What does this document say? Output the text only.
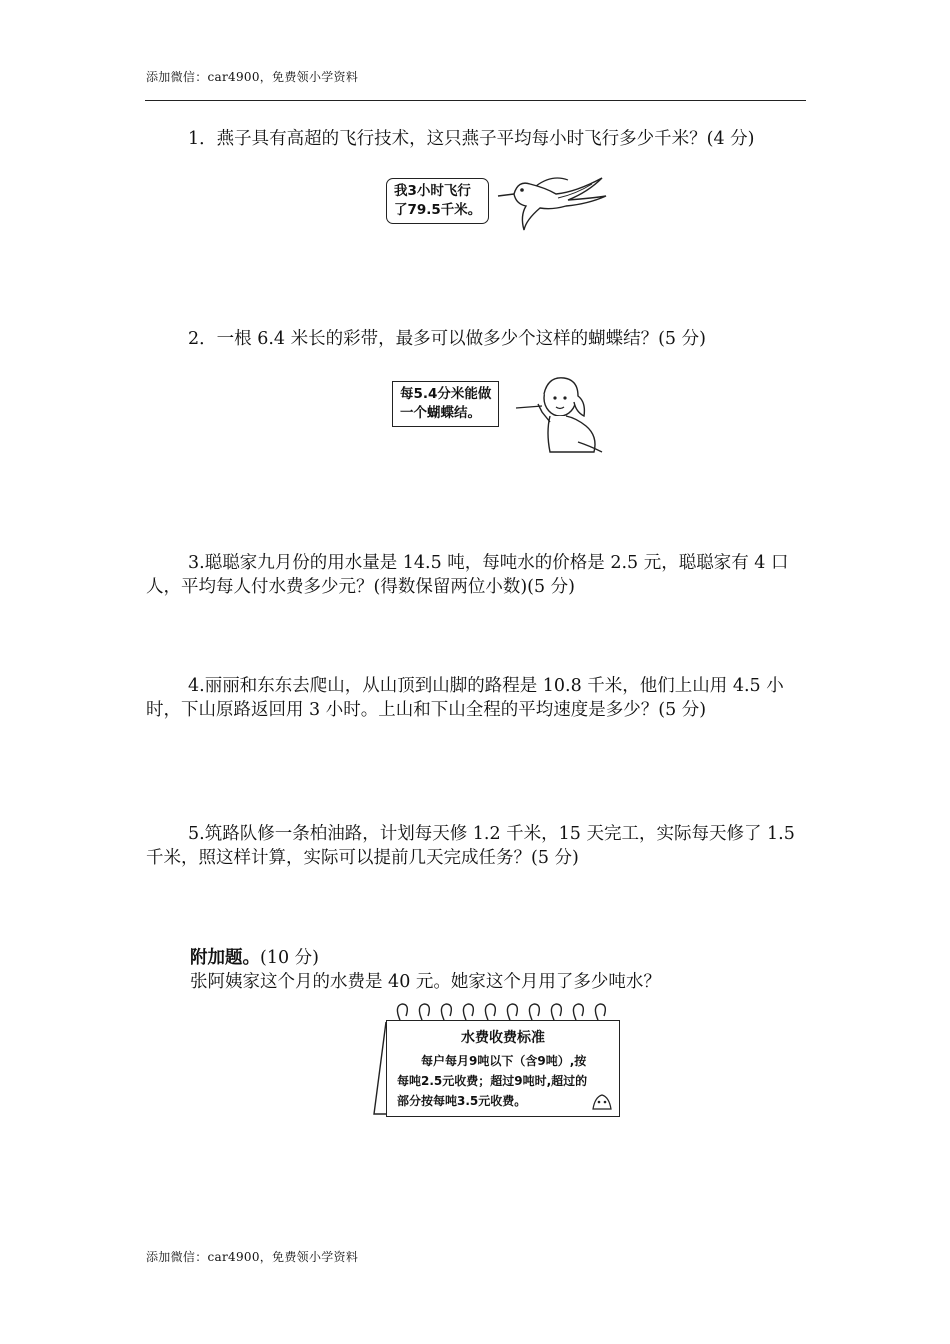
添加微信：car4900，免费领小学资料

1．燕子具有高超的飞行技术，这只燕子平均每小时飞行多少千米？(4 分)

我3小时飞行
了79.5千米。

2．一根 6.4 米长的彩带，最多可以做多少个这样的蝴蝶结？(5 分)

每5.4分米能做
一个蝴蝶结。

3.聪聪家九月份的用水量是 14.5 吨，每吨水的价格是 2.5 元，聪聪家有 4 口人，平均每人付水费多少元？(得数保留两位小数)(5 分)

4.丽丽和东东去爬山，从山顶到山脚的路程是 10.8 千米，他们上山用 4.5 小时，下山原路返回用 3 小时。上山和下山全程的平均速度是多少？(5 分)

5.筑路队修一条柏油路，计划每天修 1.2 千米，15 天完工，实际每天修了 1.5 千米，照这样计算，实际可以提前几天完成任务？(5 分)

附加题。(10 分)
张阿姨家这个月的水费是 40 元。她家这个月用了多少吨水？
水费收费标准
每户每月9吨以下（含9吨）,按
每吨2.5元收费；超过9吨时,超过的
部分按每吨3.5元收费。
添加微信：car4900，免费领小学资料
